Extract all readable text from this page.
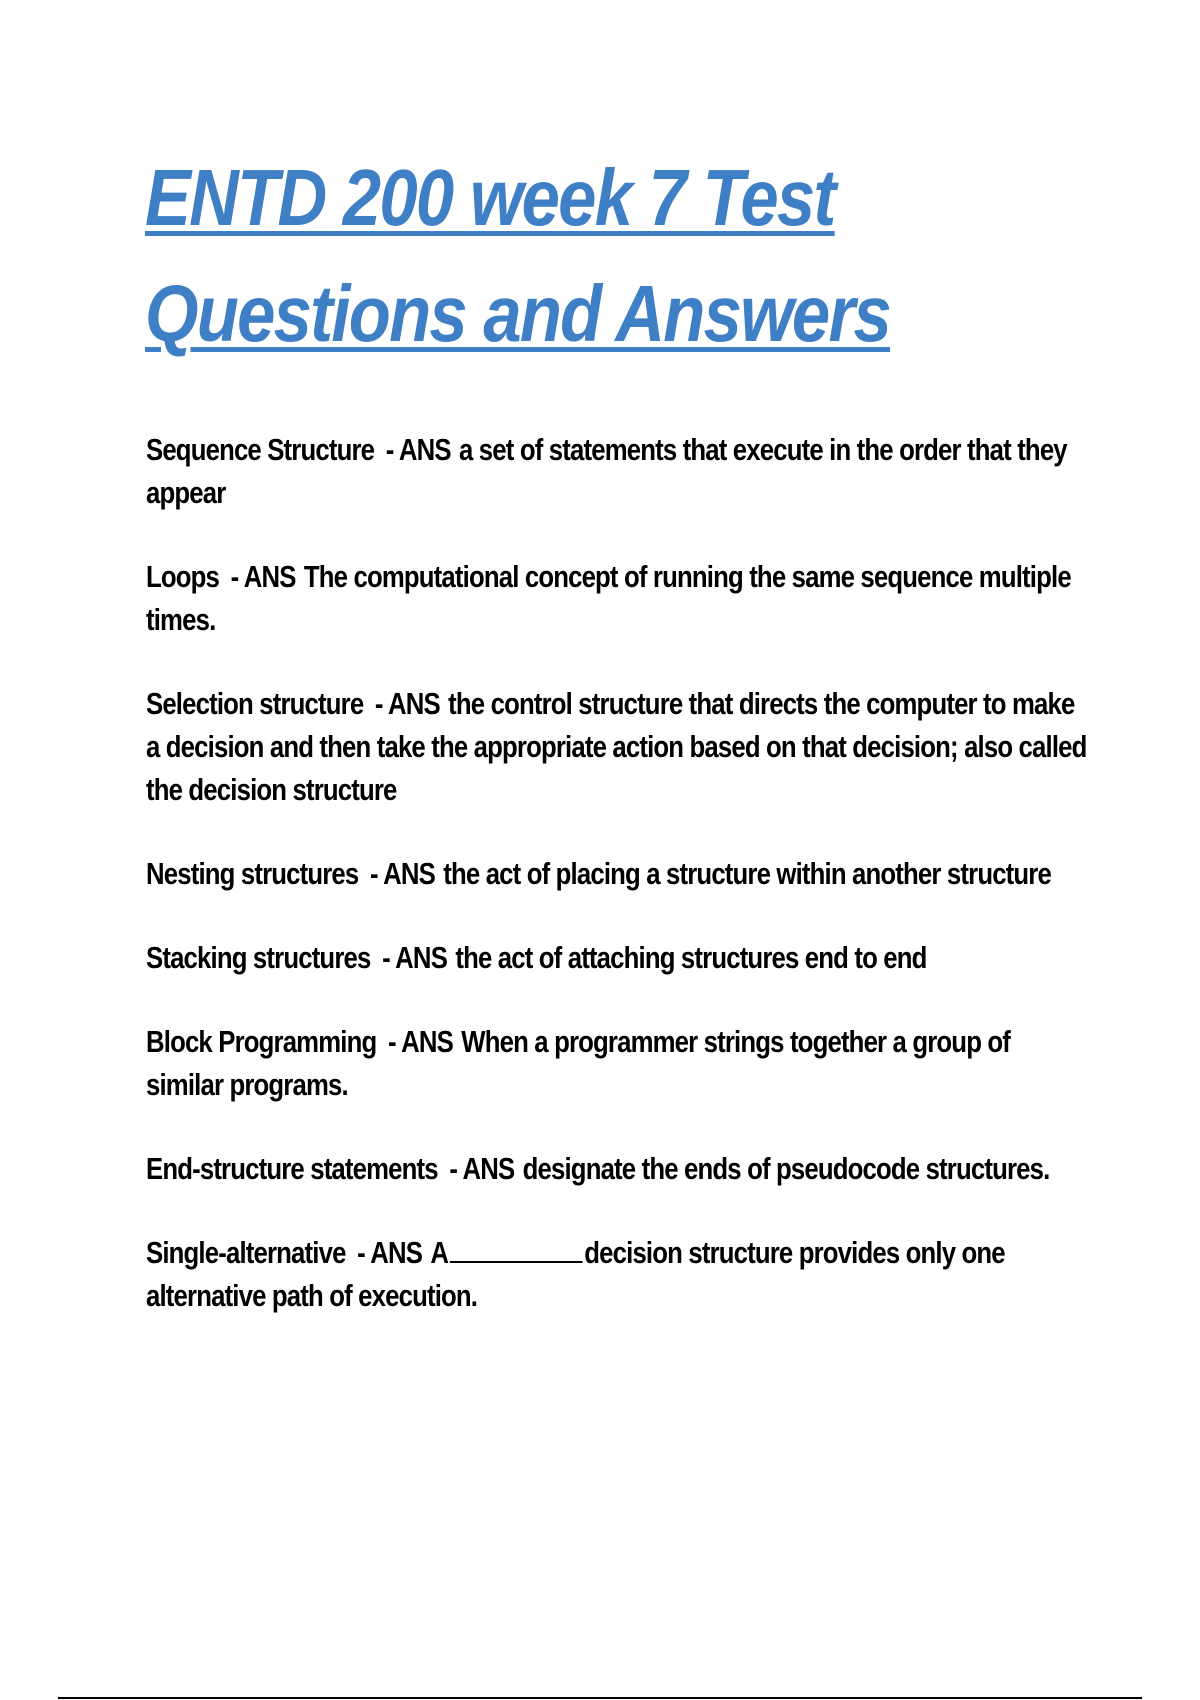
ENTD 200 week 7 Test
Questions and Answers

Sequence Structure - ANS a set of statements that execute in the order that they appear

Loops - ANS The computational concept of running the same sequence multiple times.

Selection structure - ANS the control structure that directs the computer to make a decision and then take the appropriate action based on that decision; also called the decision structure

Nesting structures - ANS the act of placing a structure within another structure

Stacking structures - ANS the act of attaching structures end to end

Block Programming - ANS When a programmer strings together a group of similar programs.

End-structure statements - ANS designate the ends of pseudocode structures.

Single-alternative - ANS A	decision structure provides only one alternative path of execution.
